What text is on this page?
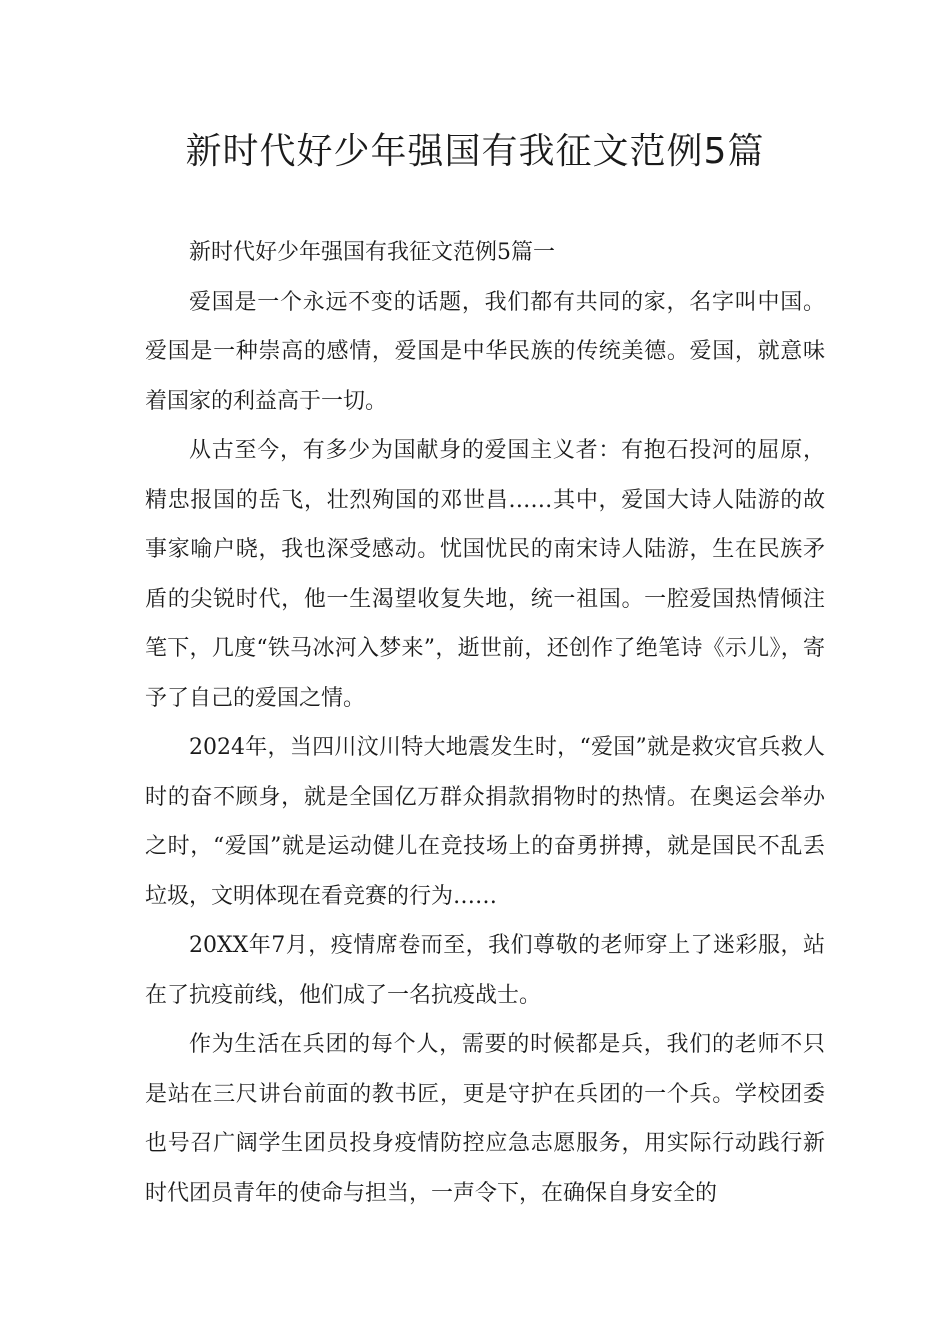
新时代好少年强国有我征文范例5篇

新时代好少年强国有我征文范例5篇一

爱国是一个永远不变的话题，我们都有共同的家，名字叫中国。爱国是一种崇高的感情，爱国是中华民族的传统美德。爱国，就意味着国家的利益高于一切。

从古至今，有多少为国献身的爱国主义者：有抱石投河的屈原，精忠报国的岳飞，壮烈殉国的邓世昌……其中，爱国大诗人陆游的故事家喻户晓，我也深受感动。忧国忧民的南宋诗人陆游，生在民族矛盾的尖锐时代，他一生渴望收复失地，统一祖国。一腔爱国热情倾注笔下，几度“铁马冰河入梦来”，逝世前，还创作了绝笔诗《示儿》，寄予了自己的爱国之情。

2024年，当四川汶川特大地震发生时，“爱国”就是救灾官兵救人时的奋不顾身，就是全国亿万群众捐款捐物时的热情。在奥运会举办之时，“爱国”就是运动健儿在竞技场上的奋勇拼搏，就是国民不乱丢垃圾，文明体现在看竞赛的行为……

20XX年7月，疫情席卷而至，我们尊敬的老师穿上了迷彩服，站在了抗疫前线，他们成了一名抗疫战士。

作为生活在兵团的每个人，需要的时候都是兵，我们的老师不只是站在三尺讲台前面的教书匠，更是守护在兵团的一个兵。学校团委也号召广阔学生团员投身疫情防控应急志愿服务，用实际行动践行新时代团员青年的使命与担当，一声令下，在确保自身安全的
